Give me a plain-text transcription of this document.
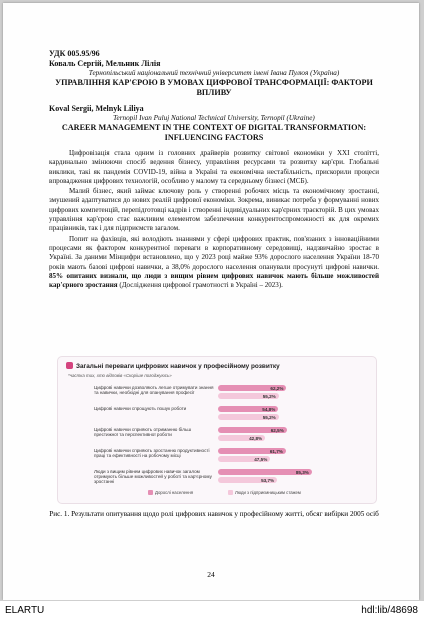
УДК 005.95/96
Коваль Сергій, Мельник Лілія
Тернопільський національний технічний університет імені Івана Пулюя (Україна)
УПРАВЛІННЯ КАР'ЄРОЮ В УМОВАХ ЦИФРОВОЇ ТРАНСФОРМАЦІЇ: ФАКТОРИ ВПЛИВУ
Koval Sergii, Melnyk Liliya
Ternopil Ivan Puluj National Technical University, Ternopil (Ukraine)
CAREER MANAGEMENT IN THE CONTEXT OF DIGITAL TRANSFORMATION: INFLUENCING FACTORS

Цифровізація стала одним із головних драйверів розвитку світової економіки у XXI столітті, кардинально змінюючи спосіб ведення бізнесу, управління ресурсами та розвитку кар'єри. Глобальні виклики, такі як пандемія COVID-19, війна в Україні та економічна нестабільність, прискорили процеси впровадження цифрових технологій, особливо у малому та середньому бізнесі (МСБ).

Малий бізнес, який займає ключову роль у створенні робочих місць та економічному зростанні, змушений адаптуватися до нових реалій цифрової економіки. Зокрема, виникає потреба у формуванні нових цифрових компетенцій, перепідготовці кадрів і створенні індивідуальних кар'єрних траєкторій. В цих умовах управління кар'єрою стає важливим елементом забезпечення конкурентоспроможності як для окремих працівників, так і для підприємств загалом.

Попит на фахівців, які володіють знаннями у сфері цифрових практик, пов'язаних з інноваційними процесами як фактором конкурентної переваги в корпоративному середовищі, надзвичайно зростає в Україні. За даними Мінцифри встановлено, що у 2023 році майже 93% дорослого населення України 18-70 років мають базові цифрові навички, а 38,0% дорослого населення опанували просунуті цифрові навички. 85% опитаних визнали, що люди з вищим рівнем цифрових навичок мають більше можливостей кар'єрного зростання (Дослідження цифрової грамотності в Україні – 2023).

Загальні переваги цифрових навичок у професійному розвитку
*частка тих, хто відповів «Скоріше погоджуюсь»
Цифрові навички дозволяють легше отримувати знання та навички, необхідні для опанування професії
62,2%
55,2%
Цифрові навички спрощують пошук роботи	54,8%
55,2%
Цифрові навички сприяють отриманню більш престижної та перспективної роботи
62,5%
42,8%
Цифрові навички сприяють зростанню продуктивності праці та ефективності на робочому місці
61,7%
47,5%
Люди з вищим рівнем цифрових навичок загалом отримують більше можливостей у роботі та кар'єрному зростанні
85,3%
53,7%
Дорослі населення	Люди з підприємницьким стажем
Рис. 1. Результати опитування щодо ролі цифрових навичок у професійному житті, обсяг вибірки 2005 осіб
24
ELARTU	hdl:lib/48698
